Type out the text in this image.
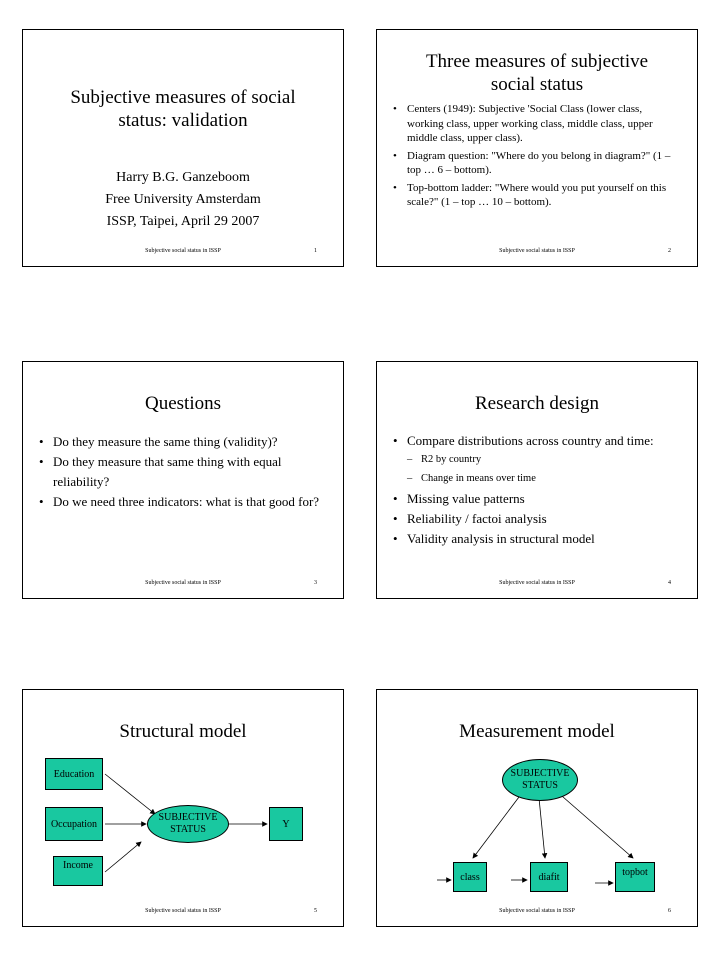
Subjective measures of social status: validation
Harry B.G. Ganzeboom
Free University Amsterdam
ISSP, Taipei, April 29 2007
Subjective social status in ISSP	1
Three measures of subjective social status
• Centers (1949): Subjective 'Social Class (lower class, working class, upper working class, middle class, upper middle class, upper class).
• Diagram question: "Where do you belong in diagram?" (1 – top … 6 – bottom).
• Top-bottom ladder: "Where would you put yourself on this scale?" (1 – top … 10 – bottom).
Subjective social status in ISSP	2
Questions
• Do they measure the same thing (validity)?
• Do they measure that same thing with equal reliability?
• Do we need three indicators: what is that good for?
Subjective social status in ISSP	3
Research design
• Compare distributions across country and time:
– R2 by country
– Change in means over time
• Missing value patterns
• Reliability / factoi analysis
• Validity analysis in structural model
Subjective social status in ISSP	4
Structural model
Education
Occupation
Income
SUBJECTIVE STATUS	Y
Subjective social status in ISSP	5
Measurement model
SUBJECTIVE STATUS
class	diafit	topbot
Subjective social status in ISSP	6
